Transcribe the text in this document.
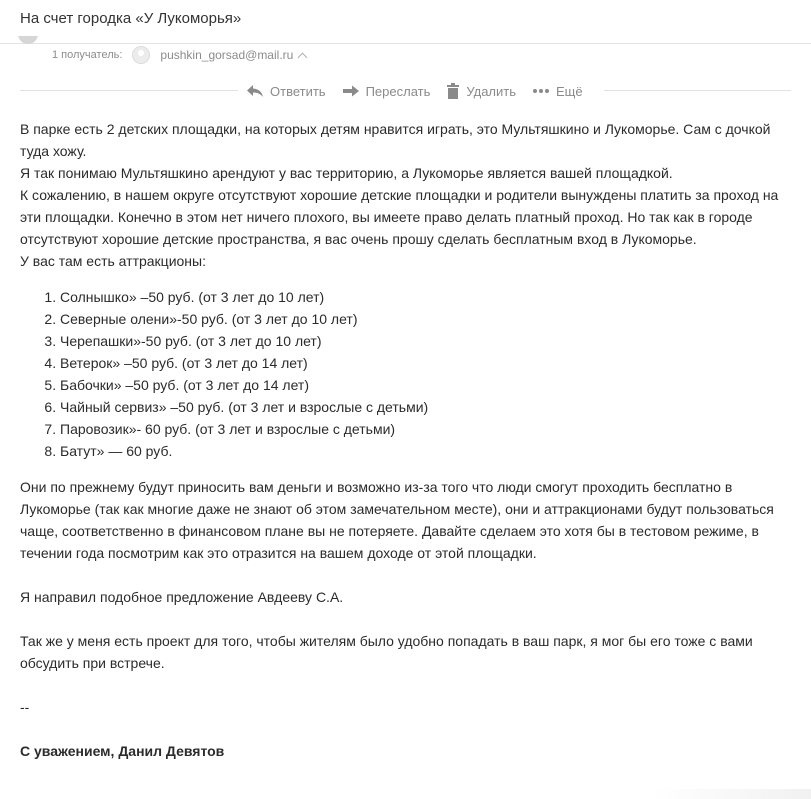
На счет городка «У Лукоморья»
1 получатель:	pushkin_gorsad@mail.ru
Ответить	Переслать	Удалить	Ещё

В парке есть 2 детских площадки, на которых детям нравится играть, это Мультяшкино и Лукоморье. Сам с дочкой туда хожу.

Я так понимаю Мультяшкино арендуют у вас территорию, а Лукоморье является вашей площадкой.

К сожалению, в нашем округе отсутствуют хорошие детские площадки и родители вынуждены платить за проход на эти площадки. Конечно в этом нет ничего плохого, вы имеете право делать платный проход. Но так как в городе отсутствуют хорошие детские пространства, я вас очень прошу сделать бесплатным вход в Лукоморье.

У вас там есть аттракционы:

1. Солнышко» –50 руб. (от 3 лет до 10 лет)
2. Северные олени»-50 руб. (от 3 лет до 10 лет)
3. Черепашки»-50 руб. (от 3 лет до 10 лет)
4. Ветерок» –50 руб. (от 3 лет до 14 лет)
5. Бабочки» –50 руб. (от 3 лет до 14 лет)
6. Чайный сервиз» –50 руб. (от 3 лет и взрослые с детьми)
7. Паровозик»- 60 руб. (от 3 лет и взрослые с детьми)
8. Батут» — 60 руб.

Они по прежнему будут приносить вам деньги и возможно из-за того что люди смогут проходить бесплатно в Лукоморье (так как многие даже не знают об этом замечательном месте), они и аттракционами будут пользоваться чаще, соответственно в финансовом плане вы не потеряете. Давайте сделаем это хотя бы в тестовом режиме, в течении года посмотрим как это отразится на вашем доходе от этой площадки.

Я направил подобное предложение Авдееву С.А.

Так же у меня есть проект для того, чтобы жителям было удобно попадать в ваш парк, я мог бы его тоже с вами обсудить при встрече.

--

С уважением, Данил Девятов
